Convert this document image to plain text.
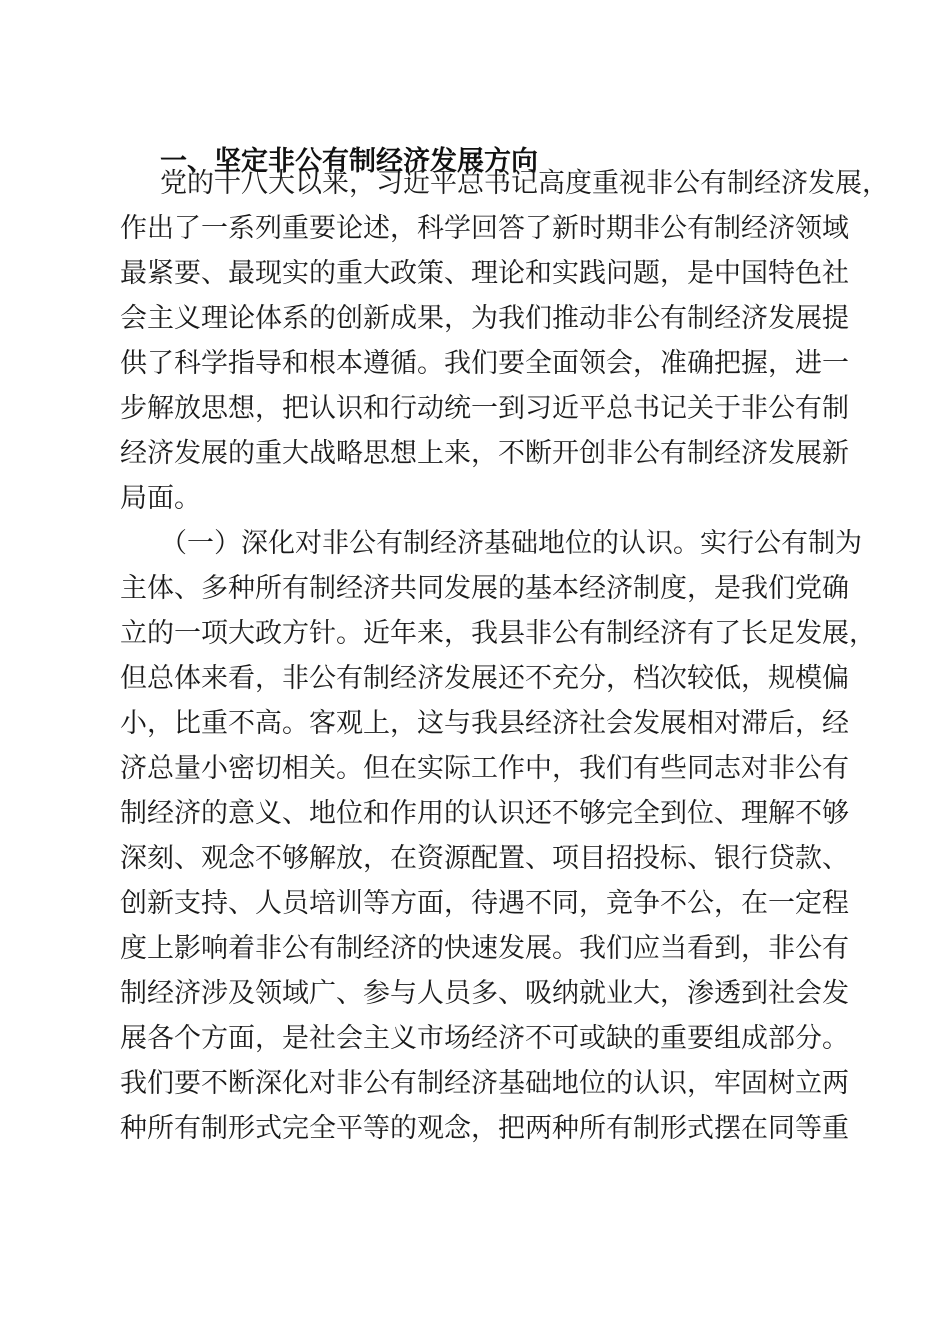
一、坚定非公有制经济发展方向
党的十八大以来，习近平总书记高度重视非公有制经济发展，
作出了一系列重要论述，科学回答了新时期非公有制经济领域
最紧要、最现实的重大政策、理论和实践问题，是中国特色社
会主义理论体系的创新成果，为我们推动非公有制经济发展提
供了科学指导和根本遵循。我们要全面领会，准确把握，进一
步解放思想，把认识和行动统一到习近平总书记关于非公有制
经济发展的重大战略思想上来，不断开创非公有制经济发展新
局面。
（一）深化对非公有制经济基础地位的认识。实行公有制为
主体、多种所有制经济共同发展的基本经济制度，是我们党确
立的一项大政方针。近年来，我县非公有制经济有了长足发展，
但总体来看，非公有制经济发展还不充分，档次较低，规模偏
小，比重不高。客观上，这与我县经济社会发展相对滞后，经
济总量小密切相关。但在实际工作中，我们有些同志对非公有
制经济的意义、地位和作用的认识还不够完全到位、理解不够
深刻、观念不够解放，在资源配置、项目招投标、银行贷款、
创新支持、人员培训等方面，待遇不同，竞争不公，在一定程
度上影响着非公有制经济的快速发展。我们应当看到，非公有
制经济涉及领域广、参与人员多、吸纳就业大，渗透到社会发
展各个方面，是社会主义市场经济不可或缺的重要组成部分。
我们要不断深化对非公有制经济基础地位的认识，牢固树立两
种所有制形式完全平等的观念，把两种所有制形式摆在同等重
